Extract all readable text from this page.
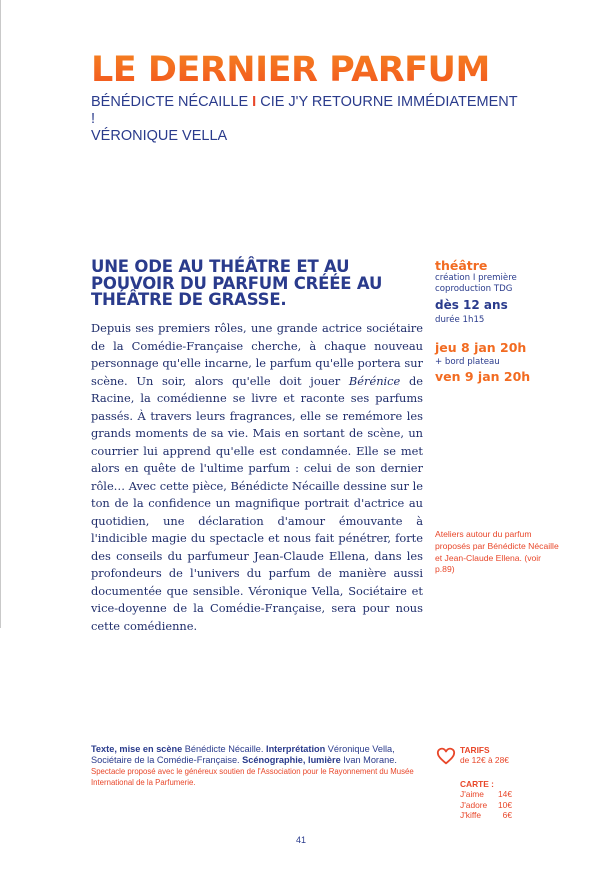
LE DERNIER PARFUM
BÉNÉDICTE NÉCAILLE I CIE J'Y RETOURNE IMMÉDIATEMENT !
VÉRONIQUE VELLA
UNE ODE AU THÉÂTRE ET AU POUVOIR DU PARFUM CRÉÉE AU THÉÂTRE DE GRASSE.

Depuis ses premiers rôles, une grande actrice sociétaire de la Comédie-Française cherche, à chaque nouveau personnage qu'elle incarne, le parfum qu'elle portera sur scène. Un soir, alors qu'elle doit jouer Bérénice de Racine, la comédienne se livre et raconte ses parfums passés. À travers leurs fragrances, elle se remémore les grands moments de sa vie. Mais en sortant de scène, un courrier lui apprend qu'elle est condamnée. Elle se met alors en quête de l'ultime parfum : celui de son dernier rôle… Avec cette pièce, Bénédicte Nécaille dessine sur le ton de la confidence un magnifique portrait d'actrice au quotidien, une déclaration d'amour émouvante à l'indicible magie du spectacle et nous fait pénétrer, forte des conseils du parfumeur Jean-Claude Ellena, dans les profondeurs de l'univers du parfum de manière aussi documentée que sensible. Véronique Vella, Sociétaire et vice-doyenne de la Comédie-Française, sera pour nous cette comédienne.

théâtre
création I première
coproduction TDG
dès 12 ans
durée 1h15
jeu 8 jan 20h
+ bord plateau
ven 9 jan 20h
Ateliers autour du parfum proposés par Bénédicte Nécaille et Jean-Claude Ellena. (voir p.89)
Texte, mise en scène Bénédicte Nécaille. Interprétation Véronique Vella, Sociétaire de la Comédie-Française. Scénographie, lumière Ivan Morane.
Spectacle proposé avec le généreux soutien de l'Association pour le Rayonnement du Musée International de la Parfumerie.
TARIFS
de 12€ à 28€
CARTE :
J'aime	14€
J'adore	10€
J'kiffe	6€
41
